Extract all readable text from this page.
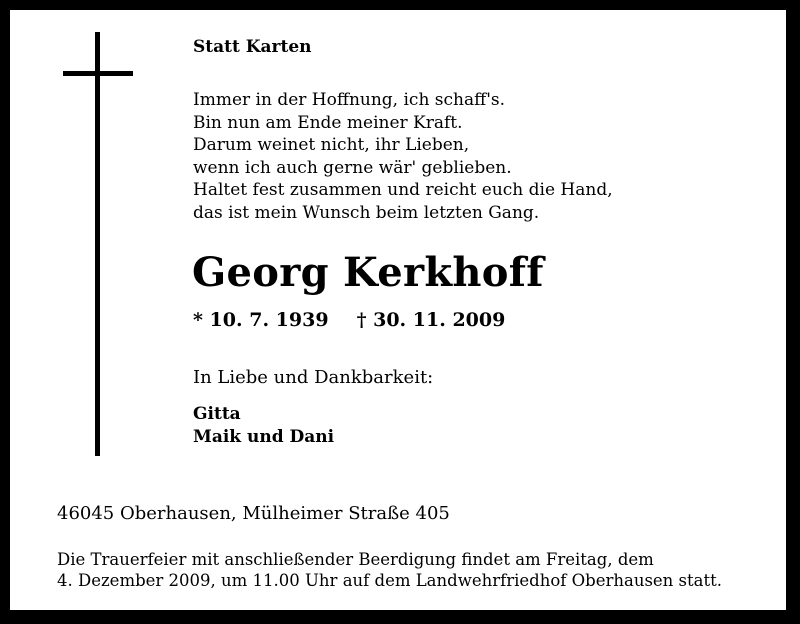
Statt Karten
Immer in der Hoffnung, ich schaff's.
Bin nun am Ende meiner Kraft.
Darum weinet nicht, ihr Lieben,
wenn ich auch gerne wär' geblieben.
Haltet fest zusammen und reicht euch die Hand,
das ist mein Wunsch beim letzten Gang.
Georg Kerkhoff
* 10. 7. 1939 † 30. 11. 2009
In Liebe und Dankbarkeit:
Gitta
Maik und Dani
46045 Oberhausen, Mülheimer Straße 405
Die Trauerfeier mit anschließender Beerdigung findet am Freitag, dem
4. Dezember 2009, um 11.00 Uhr auf dem Landwehrfriedhof Oberhausen statt.
